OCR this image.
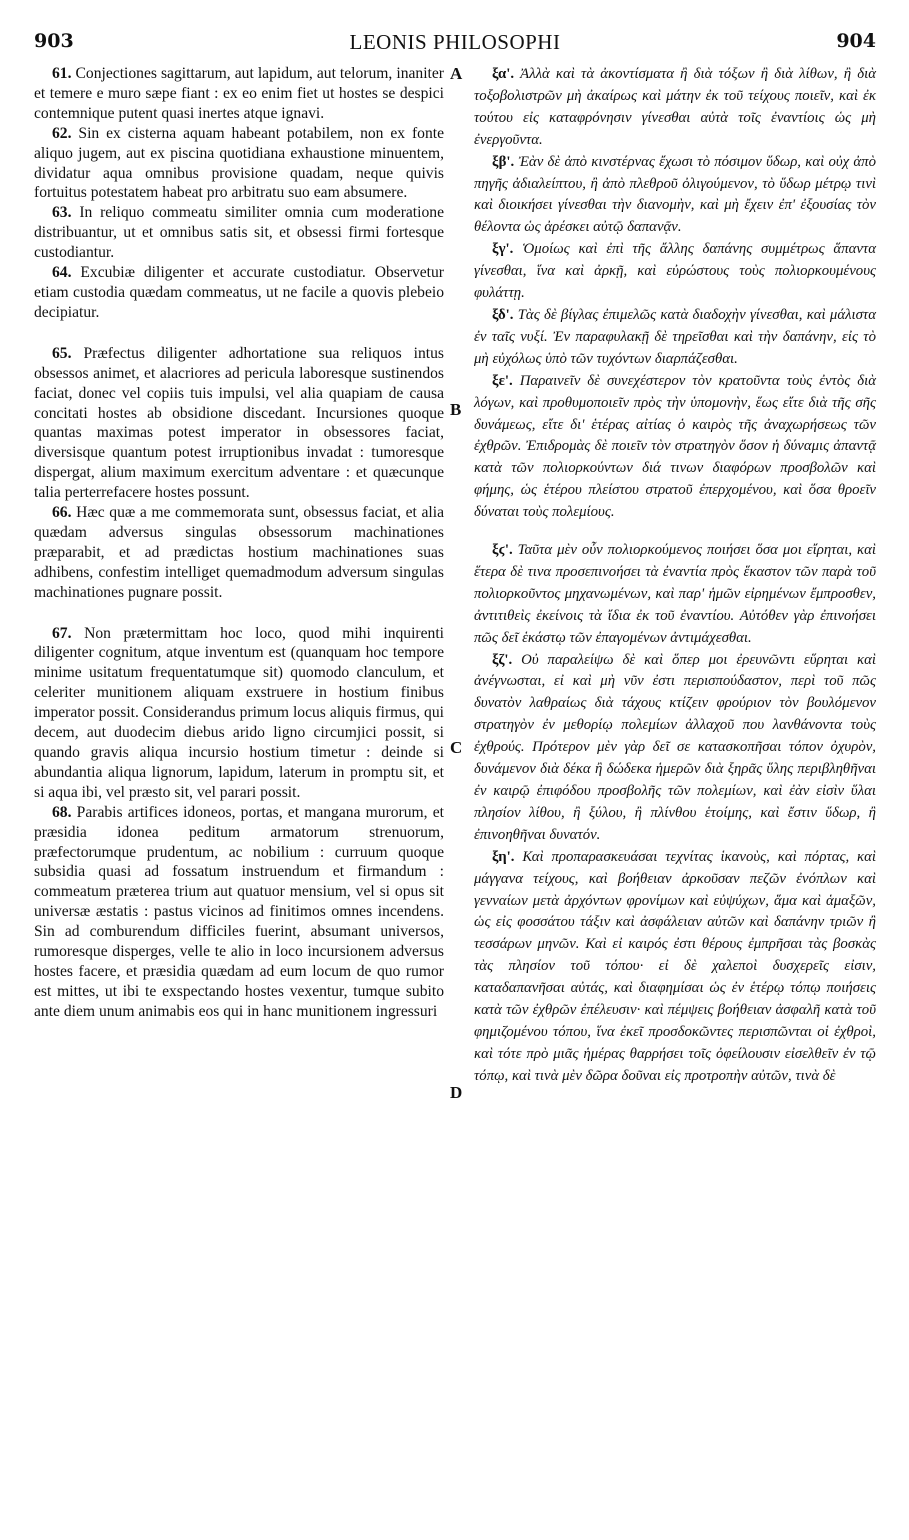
903	LEONIS PHILOSOPHI	904

61. Conjectiones sagittarum, aut lapidum, aut telorum, inaniter et temere e muro sæpe fiant : ex eo enim fiet ut hostes se despici contemnique putent quasi inertes atque ignavi.

62. Sin ex cisterna aquam habeant potabilem, non ex fonte aliquo jugem, aut ex piscina quotidiana exhaustione minuentem, dividatur aqua omnibus provisione quadam, neque quivis fortuitus potestatem habeat pro arbitratu suo eam absumere.

63. In reliquo commeatu similiter omnia cum moderatione distribuantur, ut et omnibus satis sit, et obsessi firmi fortesque custodiantur.

64. Excubiæ diligenter et accurate custodiatur. Observetur etiam custodia quædam commeatus, ut ne facile a quovis plebeio decipiatur.

65. Præfectus diligenter adhortatione sua reliquos intus obsessos animet, et alacriores ad pericula laboresque sustinendos faciat, donec vel copiis tuis impulsi, vel alia quapiam de causa concitati hostes ab obsidione discedant. Incursiones quoque quantas maximas potest imperator in obsessores faciat, diversisque quantum potest irruptionibus invadat : tumoresque dispergat, alium maximum exercitum adventare : et quæcunque talia perterrefacere hostes possunt.

66. Hæc quæ a me commemorata sunt, obsessus faciat, et alia quædam adversus singulas obsessorum machinationes præparabit, et ad prædictas hostium machinationes suas adhibens, confestim intelliget quemadmodum adversum singulas machinationes pugnare possit.

67. Non prætermittam hoc loco, quod mihi inquirenti diligenter cognitum, atque inventum est (quanquam hoc tempore minime usitatum frequentatumque sit) quomodo clanculum, et celeriter munitionem aliquam exstruere in hostium finibus imperator possit. Considerandus primum locus aliquis firmus, qui decem, aut duodecim diebus arido ligno circumjici possit, si quando gravis aliqua incursio hostium timetur : deinde si abundantia aliqua lignorum, lapidum, laterum in promptu sit, et si aqua ibi, vel præsto sit, vel parari possit.

68. Parabis artifices idoneos, portas, et manganа murorum, et præsidia idonea peditum armatorum strenuorum, præfectorumque prudentum, ac nobilium : curruum quoque subsidia quasi ad fossatum instruendum et firmandum : commeatum præterea trium aut quatuor mensium, vel si opus sit universæ æstatis : pastus vicinos ad finitimos omnes incendens. Sin ad comburendum difficiles fuerint, absumant universos, rumoresque disperges, velle te alio in loco incursionem adversus hostes facere, et præsidia quædam ad eum locum de quo rumor est mittes, ut ibi te exspectando hostes vexentur, tumque subito ante diem unum animabis eos qui in hanc munitionem ingressuri

ξα'. Ἀλλὰ καὶ τὰ ἀκοντίσματα ἢ διὰ τόξων ἢ διὰ λίθων, ἢ διὰ τοξοβολιστρῶν μὴ ἀκαίρως καὶ μάτην ἐκ τοῦ τείχους ποιεῖν, καὶ ἐκ τούτου εἰς καταφρόνησιν γίνεσθαι αὐτὰ τοῖς ἐναντίοις ὡς μὴ ἐνεργοῦντα.

ξβ'. Ἐὰν δὲ ἀπὸ κινστέρνας ἔχωσι τὸ πόσιμον ὕδωρ, καὶ οὐχ ἀπὸ πηγῆς ἀδιαλείπτου, ἢ ἀπὸ πλεθροῦ ὀλιγούμενον, τὸ ὕδωρ μέτρῳ τινὶ καὶ διοικήσει γίνεσθαι τὴν διανομὴν, καὶ μὴ ἔχειν ἐπ' ἐξουσίας τὸν θέλοντα ὡς ἀρέσκει αὐτῷ δαπανᾷν.

ξγ'. Ὁμοίως καὶ ἐπὶ τῆς ἄλλης δαπάνης συμμέτρως ἅπαντα γίνεσθαι, ἵνα καὶ ἀρκῇ, καὶ εὐρώστους τοὺς πολιορκουμένους φυλάττῃ.

ξδ'. Τὰς δὲ βίγλας ἐπιμελῶς κατὰ διαδοχὴν γίνεσθαι, καὶ μάλιστα ἐν ταῖς νυξί. Ἐν παραφυλακῇ δὲ τηρεῖσθαι καὶ τὴν δαπάνην, εἰς τὸ μὴ εὐχόλως ὑπὸ τῶν τυχόντων διαρπάζεσθαι.

ξε'. Παραινεῖν δὲ συνεχέστερον τὸν κρατοῦντα τοὺς ἐντὸς διὰ λόγων, καὶ προθυμοποιεῖν πρὸς τὴν ὑπομονὴν, ἕως εἴτε διὰ τῆς σῆς δυνάμεως, εἴτε δι' ἑτέρας αἰτίας ὁ καιρὸς τῆς ἀναχωρήσεως τῶν ἐχθρῶν. Ἐπιδρομὰς δὲ ποιεῖν τὸν στρατηγὸν ὅσον ἡ δύναμις ἀπαντᾷ κατὰ τῶν πολιορκούντων διά τινων διαφόρων προσβολῶν καὶ φήμης, ὡς ἑτέρου πλείστου στρατοῦ ἐπερχομένου, καὶ ὅσα θροεῖν δύναται τοὺς πολεμίους.

ξϛ'. Ταῦτα μὲν οὖν πολιορκούμενος ποιήσει ὅσα μοι εἴρηται, καὶ ἕτερα δὲ τινα προσεπινοήσει τὰ ἐναντία πρὸς ἕκαστον τῶν παρὰ τοῦ πολιορκοῦντος μηχανωμένων, καὶ παρ' ἡμῶν εἰρημένων ἔμπροσθεν, ἀντιτιθεὶς ἐκείνοις τὰ ἴδια ἐκ τοῦ ἐναντίου. Αὐτόθεν γὰρ ἐπινοήσει πῶς δεῖ ἑκάστῳ τῶν ἐπαγομένων ἀντιμάχεσθαι.

ξζ'. Οὐ παραλείψω δὲ καὶ ὅπερ μοι ἐρευνῶντι εὕρηται καὶ ἀνέγνωσται, εἰ καὶ μὴ νῦν ἐστι περισπούδαστον, περὶ τοῦ πῶς δυνατὸν λαθραίως διὰ τάχους κτίζειν φρούριον τὸν βουλόμενον στρατηγὸν ἐν μεθορίῳ πολεμίων ἀλλαχοῦ που λανθάνοντα τοὺς ἐχθρούς. Πρότερον μὲν γὰρ δεῖ σε κατασκοπῆσαι τόπον ὀχυρὸν, δυνάμενον διὰ δέκα ἢ δώδεκα ἡμερῶν διὰ ξηρᾶς ὕλης περιβληθῆναι ἐν καιρῷ ἐπιφόδου προσβολῆς τῶν πολεμίων, καὶ ἐὰν εἰσὶν ὕλαι πλησίον λίθου, ἢ ξύλου, ἢ πλίνθου ἑτοίμης, καὶ ἔστιν ὕδωρ, ἢ ἐπινοηθῆναι δυνατόν.

ξη'. Καὶ προπαρασκευάσαι τεχνίτας ἱκανοὺς, καὶ πόρτας, καὶ μάγγανα τείχους, καὶ βοήθειαν ἀρκοῦσαν πεζῶν ἐνόπλων καὶ γενναίων μετὰ ἀρχόντων φρονίμων καὶ εὐψύχων, ἅμα καὶ ἁμαξῶν, ὡς εἰς φοσσάτου τάξιν καὶ ἀσφάλειαν αὐτῶν καὶ δαπάνην τριῶν ἢ τεσσάρων μηνῶν. Καὶ εἰ καιρός ἐστι θέρους ἐμπρῆσαι τὰς βοσκὰς τὰς πλησίον τοῦ τόπου· εἰ δὲ χαλεποὶ δυσχερεῖς εἰσιν, καταδαπανῆσαι αὐτάς, καὶ διαφημίσαι ὡς ἐν ἑτέρῳ τόπῳ ποιήσεις κατὰ τῶν ἐχθρῶν ἐπέλευσιν· καὶ πέμψεις βοήθειαν ἀσφαλῆ κατὰ τοῦ φημιζομένου τόπου, ἵνα ἐκεῖ προσδοκῶντες περισπῶνται οἱ ἐχθροὶ, καὶ τότε πρὸ μιᾶς ἡμέρας θαρρήσει τοῖς ὀφείλουσιν εἰσελθεῖν ἐν τῷ τόπῳ, καὶ τινὰ μὲν δῶρα δοῦναι εἰς προτροπὴν αὐτῶν, τινὰ δὲ

A
B
C
D
